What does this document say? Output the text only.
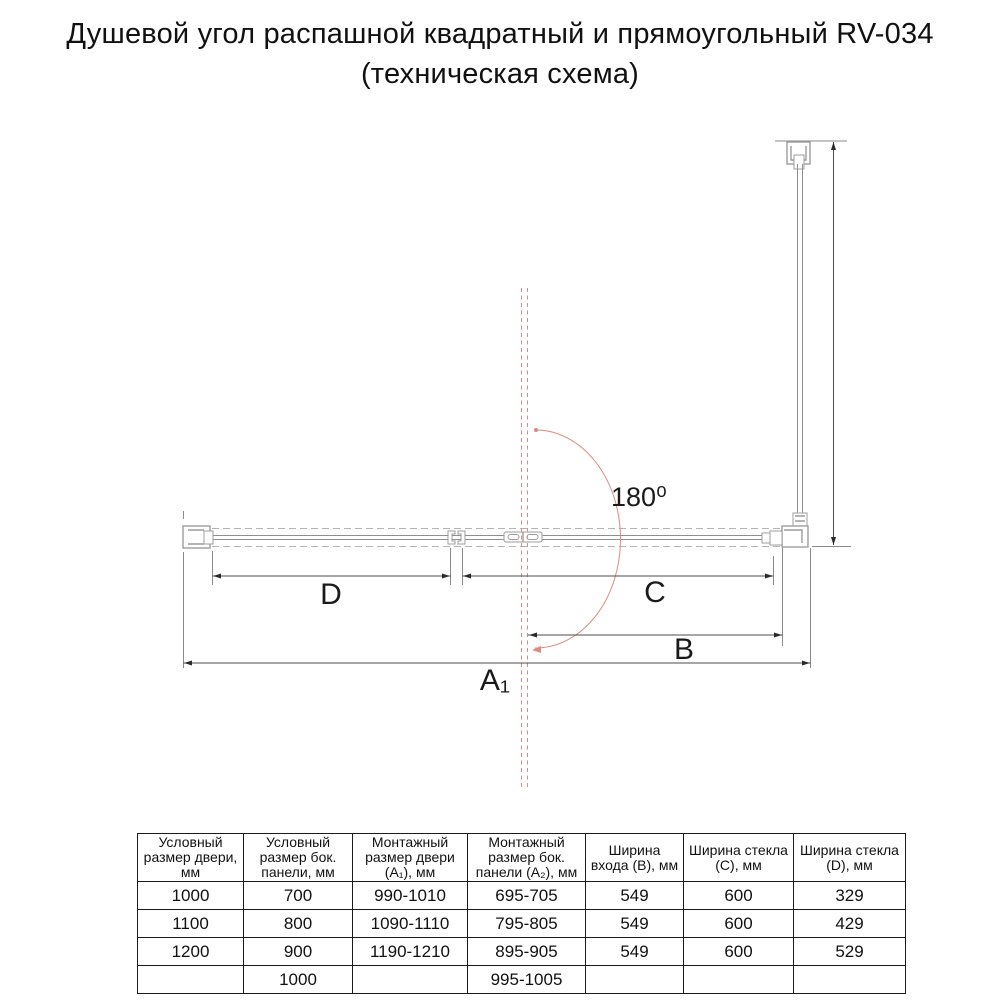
Душевой угол распашной квадратный и прямоугольный RV-034
(техническая схема)
180⁰
D	C
B
A₁
Условный размер двери, мм	Условный размер бок. панели, мм	Монтажный размер двери (A₁), мм	Монтажный размер бок. панели (A₂), мм	Ширина входа (B), мм	Ширина стекла (C), мм	Ширина стекла (D), мм
1000	700	990-1010	695-705	549	600	329
1100	800	1090-1110	795-805	549	600	429
1200	900	1190-1210	895-905	549	600	529
	1000		995-1005			
